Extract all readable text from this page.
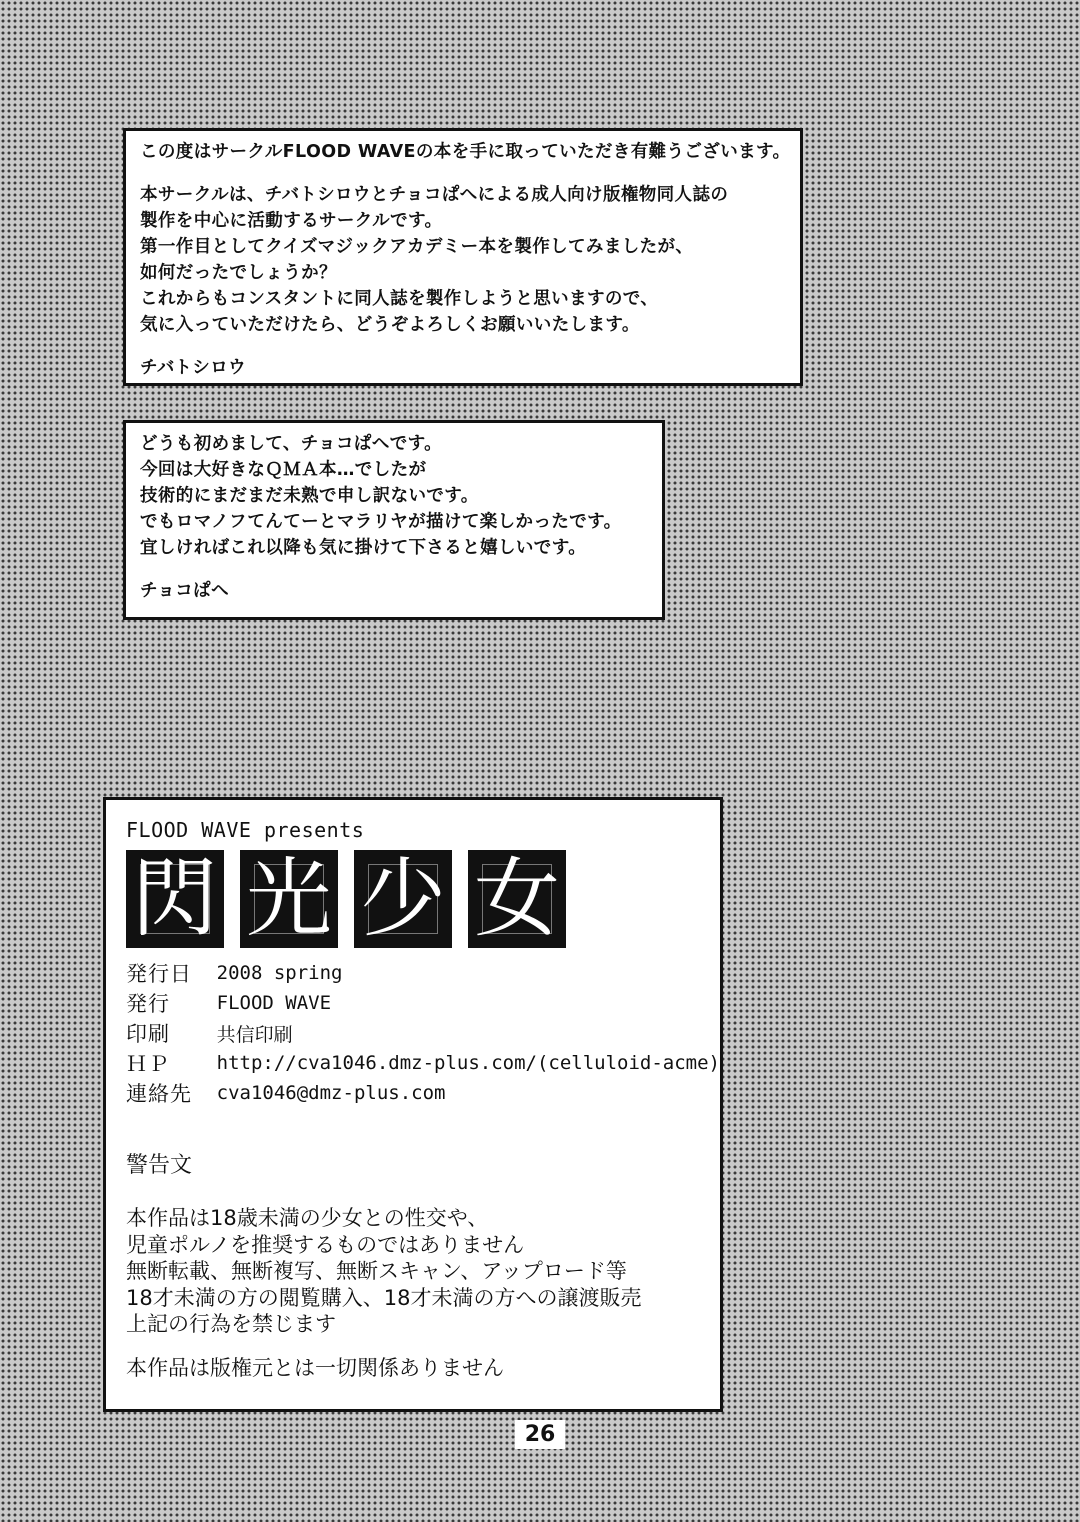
この度はサークルFLOOD WAVEの本を手に取っていただき有難うございます。

本サークルは、チバトシロウとチョコぱへによる成人向け版権物同人誌の

製作を中心に活動するサークルです。

第一作目としてクイズマジックアカデミー本を製作してみましたが、

如何だったでしょうか？

これからもコンスタントに同人誌を製作しようと思いますので、

気に入っていただけたら、どうぞよろしくお願いいたします。

チバトシロウ

どうも初めまして、チョコぱへです。

今回は大好きなＱＭＡ本…でしたが

技術的にまだまだ未熟で申し訳ないです。

でもロマノフてんてーとマラリヤが描けて楽しかったです。

宜しければこれ以降も気に掛けて下さると嬉しいです。

チョコぱへ

FLOOD WAVE presents
閃 光 少 女
発行日	2008 spring
発行	FLOOD WAVE
印刷	共信印刷
ＨＰ	http://cva1046.dmz-plus.com/(celluloid-acme)
連絡先	cva1046@dmz-plus.com

警告文

本作品は18歳未満の少女との性交や、

児童ポルノを推奨するものではありません

無断転載、無断複写、無断スキャン、アップロード等

18才未満の方の閲覧購入、18才未満の方への譲渡販売

上記の行為を禁じます

本作品は版権元とは一切関係ありません

26
